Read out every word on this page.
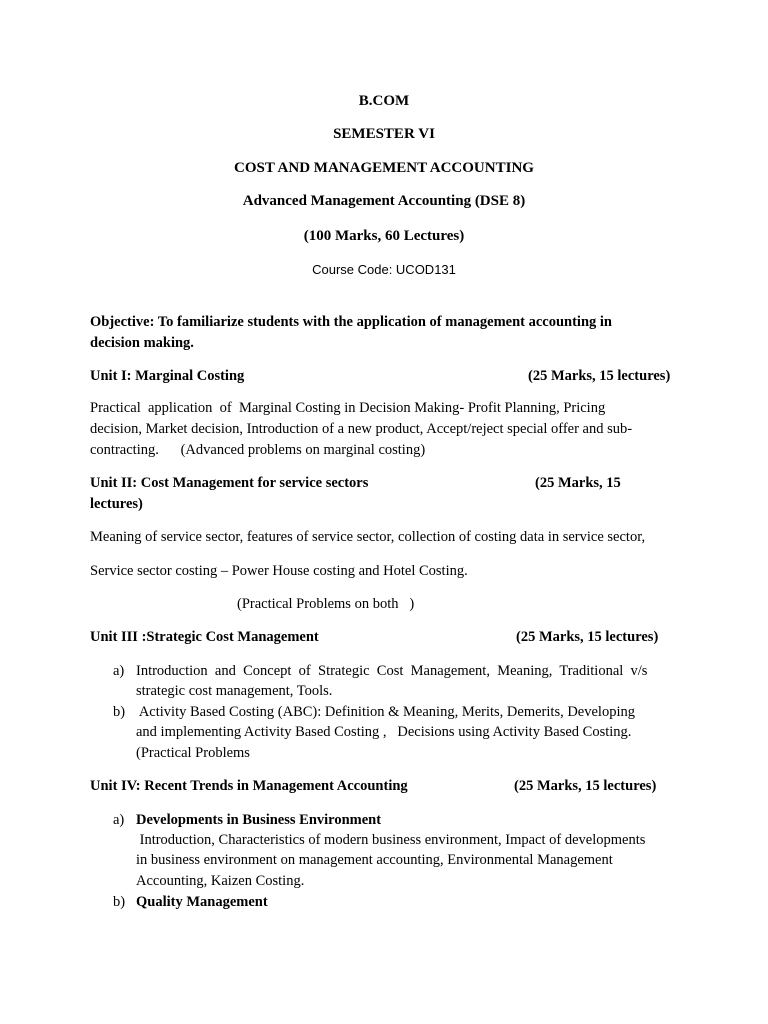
B.COM
SEMESTER VI
COST AND MANAGEMENT ACCOUNTING
Advanced Management Accounting (DSE 8)
(100 Marks, 60 Lectures)
Course Code: UCOD131
Objective: To familiarize students with the application of management accounting in
decision making.
Unit I: Marginal Costing	(25 Marks, 15 lectures)
Practical  application  of  Marginal Costing in Decision Making- Profit Planning, Pricing
decision, Market decision, Introduction of a new product, Accept/reject special offer and sub-
contracting.      (Advanced problems on marginal costing)
Unit II: Cost Management for service sectors	(25 Marks, 15
lectures)
Meaning of service sector, features of service sector, collection of costing data in service sector,
Service sector costing – Power House costing and Hotel Costing.
(Practical Problems on both   )
Unit III :Strategic Cost Management	(25 Marks, 15 lectures)
a) Introduction  and  Concept  of  Strategic  Cost  Management,  Meaning,  Traditional  v/s
strategic cost management, Tools.
b) Activity Based Costing (ABC): Definition & Meaning, Merits, Demerits, Developing
and implementing Activity Based Costing ,   Decisions using Activity Based Costing.
(Practical Problems
Unit IV: Recent Trends in Management Accounting	(25 Marks, 15 lectures)
a) Developments in Business Environment
Introduction, Characteristics of modern business environment, Impact of developments
in business environment on management accounting, Environmental Management
Accounting, Kaizen Costing.
b) Quality Management
